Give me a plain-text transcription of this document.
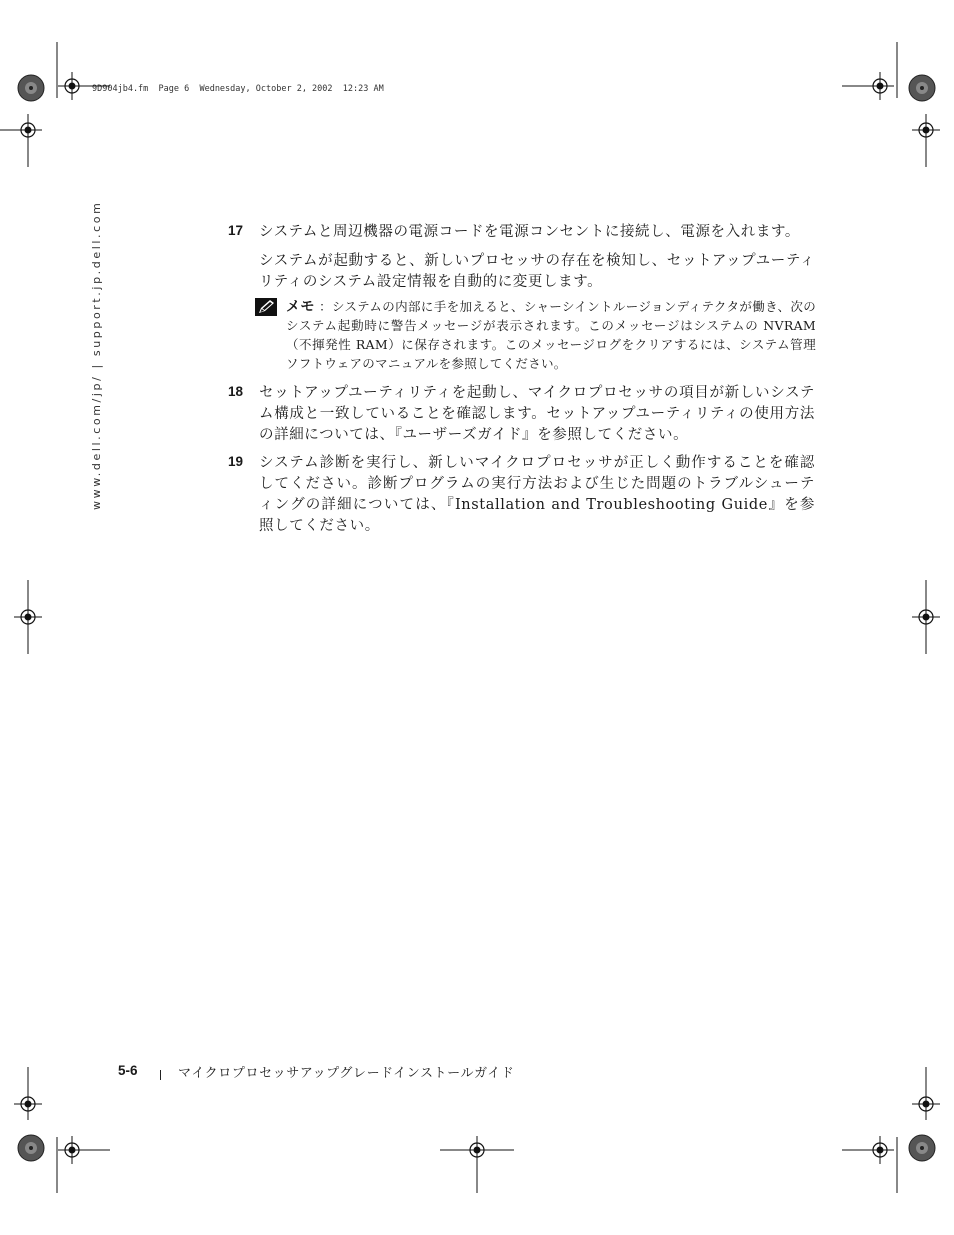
9D904jb4.fm  Page 6  Wednesday, October 2, 2002  12:23 AM
www.dell.com/jp/ | support.jp.dell.com	17 システムと周辺機器の電源コードを電源コンセントに接続し、電源を入れます。
システムが起動すると、新しいプロセッサの存在を検知し、セットアップユーティリティのシステム設定情報を自動的に変更します。
メモ ：システムの内部に手を加えると、シャーシイントルージョンディテクタが働き、次のシステム起動時に警告メッセージが表示されます。このメッセージはシステムの NVRAM（不揮発性 RAM）に保存されます。このメッセージログをクリアするには、システム管理ソフトウェアのマニュアルを参照してください。
18 セットアップユーティリティを起動し、マイクロプロセッサの項目が新しいシステム構成と一致していることを確認します。セットアップユーティリティの使用方法の詳細については、『ユーザーズガイド』を参照してください。
19 システム診断を実行し、新しいマイクロプロセッサが正しく動作することを確認してください。診断プログラムの実行方法および生じた問題のトラブルシューティングの詳細については、『Installation and Troubleshooting Guide』を参照してください。
5-6	マイクロプロセッサアップグレードインストールガイド
